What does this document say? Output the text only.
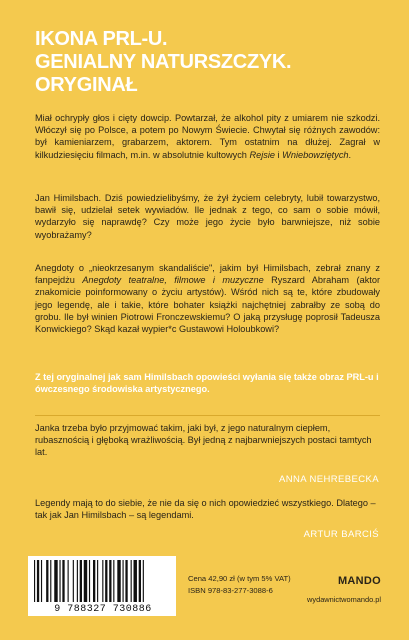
IKONA PRL-U.
GENIALNY NATURSZCZYK.
ORYGINAŁ

Miał ochrypły głos i cięty dowcip. Powtarzał, że alkohol pity z umiarem nie szkodzi. Włóczył się po Polsce, a potem po Nowym Świecie. Chwytał się różnych zawodów: był kamieniarzem, grabarzem, aktorem. Tym ostatnim na dłużej. Zagrał w kilkudziesięciu filmach, m.in. w absolutnie kultowych Rejsie i Wniebowziętych.

Jan Himilsbach. Dziś powiedzielibyśmy, że żył życiem celebryty, lubił towarzystwo, bawił się, udzielał setek wywiadów. Ile jednak z tego, co sam o sobie mówił, wydarzyło się naprawdę? Czy może jego życie było barwniejsze, niż sobie wyobrażamy?

Anegdoty o „nieokrzesanym skandaliście", jakim był Himilsbach, zebrał znany z fanpejdżu Anegdoty teatralne, filmowe i muzyczne Ryszard Abraham (aktor znakomicie poinformowany o życiu artystów). Wśród nich są te, które zbudowały jego legendę, ale i takie, które bohater książki najchętniej zabrałby ze sobą do grobu. Ile był winien Piotrowi Fronczewskiemu? O jaką przysługę poprosił Tadeusza Konwickiego? Skąd kazał wypier*c Gustawowi Holoubkowi?

Z tej oryginalnej jak sam Himilsbach opowieści wyłania się także obraz PRL-u i ówczesnego środowiska artystycznego.

Janka trzeba było przyjmować takim, jaki był, z jego naturalnym ciepłem, rubasznością i głęboką wrażliwością. Był jedną z najbarwniejszych postaci tamtych lat.

ANNA NEHREBECKA

Legendy mają to do siebie, że nie da się o nich opowiedzieć wszystkiego. Dlatego – tak jak Jan Himilsbach – są legendami.

ARTUR BARCIŚ
9 788327 730886
Cena 42,90 zł (w tym 5% VAT)
ISBN 978-83-277-3088-6
MANDO
wydawnictwomando.pl
